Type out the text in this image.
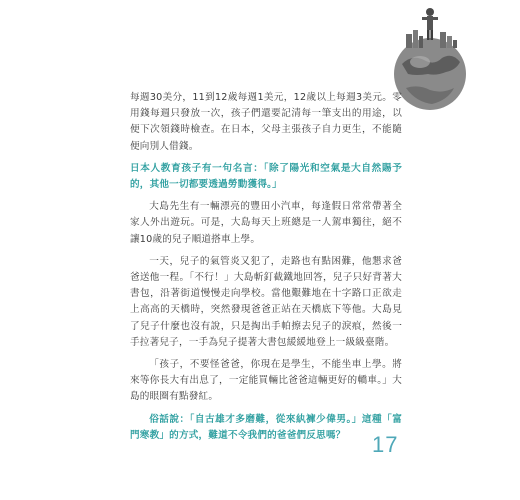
每週30美分，11到12歲每週1美元，12歲以上每週3美元。零用錢每週只發放一次，孩子們還要記清每一筆支出的用途，以便下次領錢時檢查。在日本，父母主張孩子自力更生，不能隨便向別人借錢。

日本人教育孩子有一句名言：「除了陽光和空氣是大自然賜予的，其他一切都要透過勞動獲得。」

大島先生有一輛漂亮的豐田小汽車，每逢假日常常帶著全家人外出遊玩。可是，大島每天上班總是一人駕車獨往，絕不讓10歲的兒子順道搭車上學。

一天，兒子的氣管炎又犯了，走路也有點困難，他懇求爸爸送他一程。「不行！」大島斬釘截鐵地回答，兒子只好背著大書包，沿著街道慢慢走向學校。當他艱難地在十字路口正欲走上高高的天橋時，突然發現爸爸正站在天橋底下等他。大島見了兒子什麼也沒有說，只是掏出手帕擦去兒子的淚痕，然後一手拉著兒子，一手為兒子提著大書包緩緩地登上一級級臺階。

「孩子，不要怪爸爸，你現在是學生，不能坐車上學。將來等你長大有出息了，一定能買輛比爸爸這輛更好的轎車。」大島的眼圈有點發紅。

俗話說：「自古雄才多磨難，從來紈褲少偉男。」這種「富門寒教」的方式，難道不令我們的爸爸們反思嗎？	17
